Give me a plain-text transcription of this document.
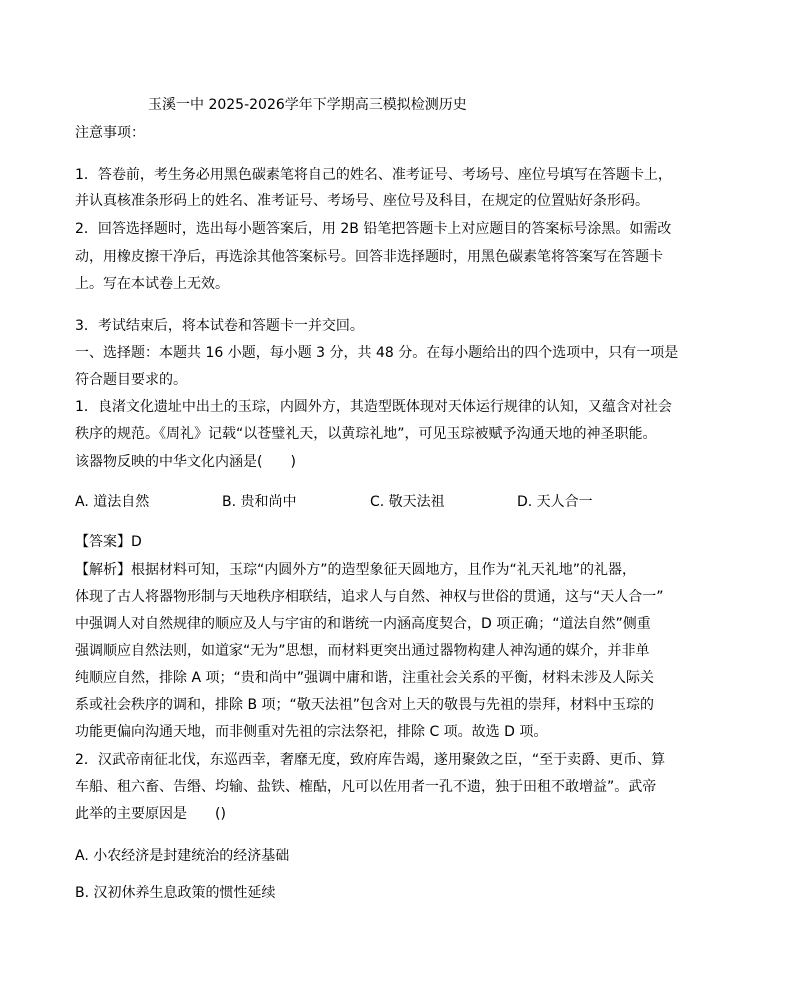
玉溪一中 2025-2026学年下学期高三模拟检测历史
注意事项：
1．答卷前，考生务必用黑色碳素笔将自己的姓名、准考证号、考场号、座位号填写在答题卡上，
并认真核准条形码上的姓名、准考证号、考场号、座位号及科目，在规定的位置贴好条形码。
2．回答选择题时，选出每小题答案后，用 2B 铅笔把答题卡上对应题目的答案标号涂黑。如需改
动，用橡皮擦干净后，再选涂其他答案标号。回答非选择题时，用黑色碳素笔将答案写在答题卡
上。写在本试卷上无效。
3．考试结束后，将本试卷和答题卡一并交回。
一、选择题：本题共 16 小题，每小题 3 分，共 48 分。在每小题给出的四个选项中，只有一项是
符合题目要求的。
1．良渚文化遗址中出土的玉琮，内圆外方，其造型既体现对天体运行规律的认知，又蕴含对社会
秩序的规范。《周礼》记载“以苍璧礼天，以黄琮礼地”，可见玉琮被赋予沟通天地的神圣职能。
该器物反映的中华文化内涵是(　　)
A. 道法自然	B. 贵和尚中	C. 敬天法祖	D. 天人合一
【答案】D
【解析】根据材料可知，玉琮“内圆外方”的造型象征天圆地方，且作为“礼天礼地”的礼器，
体现了古人将器物形制与天地秩序相联结，追求人与自然、神权与世俗的贯通，这与“天人合一”
中强调人对自然规律的顺应及人与宇宙的和谐统一内涵高度契合，D 项正确；“道法自然”侧重
强调顺应自然法则，如道家“无为”思想，而材料更突出通过器物构建人神沟通的媒介，并非单
纯顺应自然，排除 A 项；“贵和尚中”强调中庸和谐，注重社会关系的平衡，材料未涉及人际关
系或社会秩序的调和，排除 B 项；“敬天法祖”包含对上天的敬畏与先祖的崇拜，材料中玉琮的
功能更偏向沟通天地，而非侧重对先祖的宗法祭祀，排除 C 项。故选 D 项。
2．汉武帝南征北伐，东巡西幸，奢靡无度，致府库告竭，遂用聚敛之臣，“至于卖爵、更币、算
车船、租六畜、告缗、均输、盐铁、榷酤，凡可以佐用者一孔不遗，独于田租不敢增益”。武帝
此举的主要原因是　　()
A. 小农经济是封建统治的经济基础
B. 汉初休养生息政策的惯性延续
